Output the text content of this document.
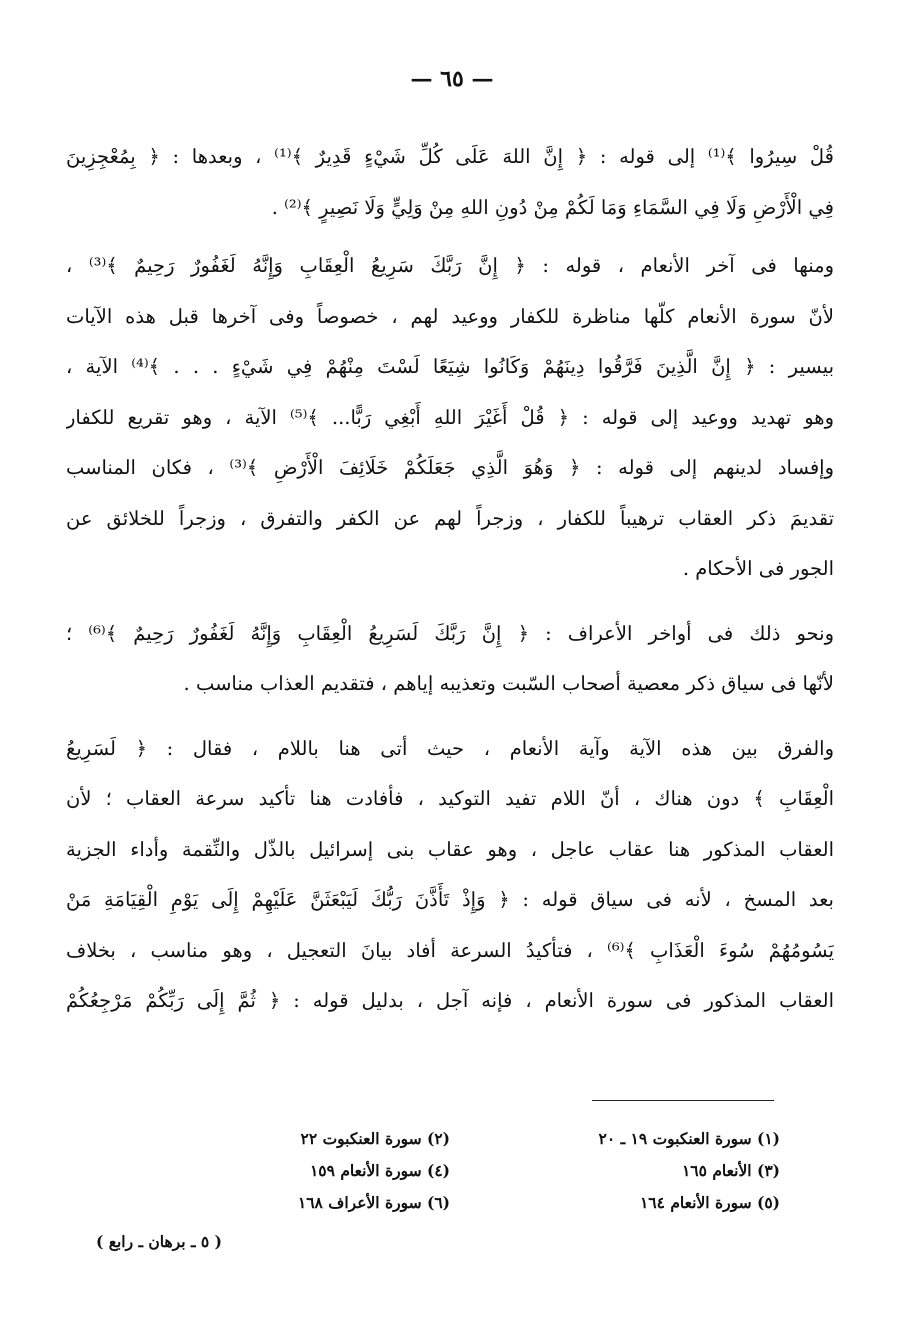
— ٦٥ —
قُلْ سِيرُوا ﴾⁽¹⁾ إلى قوله : ﴿ إِنَّ اللهَ عَلَى كُلِّ شَيْءٍ قَدِيرٌ ﴾⁽¹⁾ ، وبعدها : ﴿ بِمُعْجِزِينَ
فِي الْأَرْضِ وَلَا فِي السَّمَاءِ وَمَا لَكُمْ مِنْ دُونِ اللهِ مِنْ وَلِيٍّ وَلَا نَصِيرٍ ﴾⁽²⁾ .
ومنها فى آخر الأنعام ، قوله : ﴿ إِنَّ رَبَّكَ سَرِيعُ الْعِقَابِ وَإِنَّهُ لَغَفُورٌ رَحِيمٌ ﴾⁽³⁾ ،
لأنّ سورة الأنعام كلّها مناظرة للكفار ووعيد لهم ، خصوصاً وفى آخرها قبل هذه الآيات
بيسير : ﴿ إِنَّ الَّذِينَ فَرَّقُوا دِينَهُمْ وَكَانُوا شِيَعًا لَسْتَ مِنْهُمْ فِي شَيْءٍ . . . ﴾⁽⁴⁾ الآية ،
وهو تهديد ووعيد إلى قوله : ﴿ قُلْ أَغَيْرَ اللهِ أَبْغِي رَبًّا... ﴾⁽⁵⁾ الآية ، وهو تقريع للكفار
وإفساد لدينهم إلى قوله : ﴿ وَهُوَ الَّذِي جَعَلَكُمْ خَلَائِفَ الْأَرْضِ ﴾⁽³⁾ ، فكان المناسب
تقديمَ ذكر العقاب ترهيباً للكفار ، وزجراً لهم عن الكفر والتفرق ، وزجراً للخلائق عن
الجور فى الأحكام .
ونحو ذلك فى أواخر الأعراف : ﴿ إِنَّ رَبَّكَ لَسَرِيعُ الْعِقَابِ وَإِنَّهُ لَغَفُورٌ رَحِيمٌ ﴾⁽⁶⁾ ؛
لأنّها فى سياق ذكر معصية أصحاب السّبت وتعذيبه إياهم ، فتقديم العذاب مناسب .
والفرق بين هذه الآية وآية الأنعام ، حيث أتى هنا باللام ، فقال : ﴿ لَسَرِيعُ
الْعِقَابِ ﴾ دون هناك ، أنّ اللام تفيد التوكيد ، فأفادت هنا تأكيد سرعة العقاب ؛ لأن
العقاب المذكور هنا عقاب عاجل ، وهو عقاب بنى إسرائيل بالذّل والنِّقمة وأداء الجزية
بعد المسخ ، لأنه فى سياق قوله : ﴿ وَإِذْ تَأَذَّنَ رَبُّكَ لَيَبْعَثَنَّ عَلَيْهِمْ إِلَى يَوْمِ الْقِيَامَةِ مَنْ
يَسُومُهُمْ سُوءَ الْعَذَابِ ﴾⁽⁶⁾ ، فتأكيدُ السرعة أفاد بيانَ التعجيل ، وهو مناسب ، بخلاف
العقاب المذكور فى سورة الأنعام ، فإنه آجل ، بدليل قوله : ﴿ ثُمَّ إِلَى رَبِّكُمْ مَرْجِعُكُمْ
(١) سورة العنكبوت ١٩ ـ ٢٠
(٢) سورة العنكبوت ٢٢
(٣) الأنعام ١٦٥
(٤) سورة الأنعام ١٥٩
(٥) سورة الأنعام ١٦٤
(٦) سورة الأعراف ١٦٨
( ٥ ـ برهان ـ رابع )
